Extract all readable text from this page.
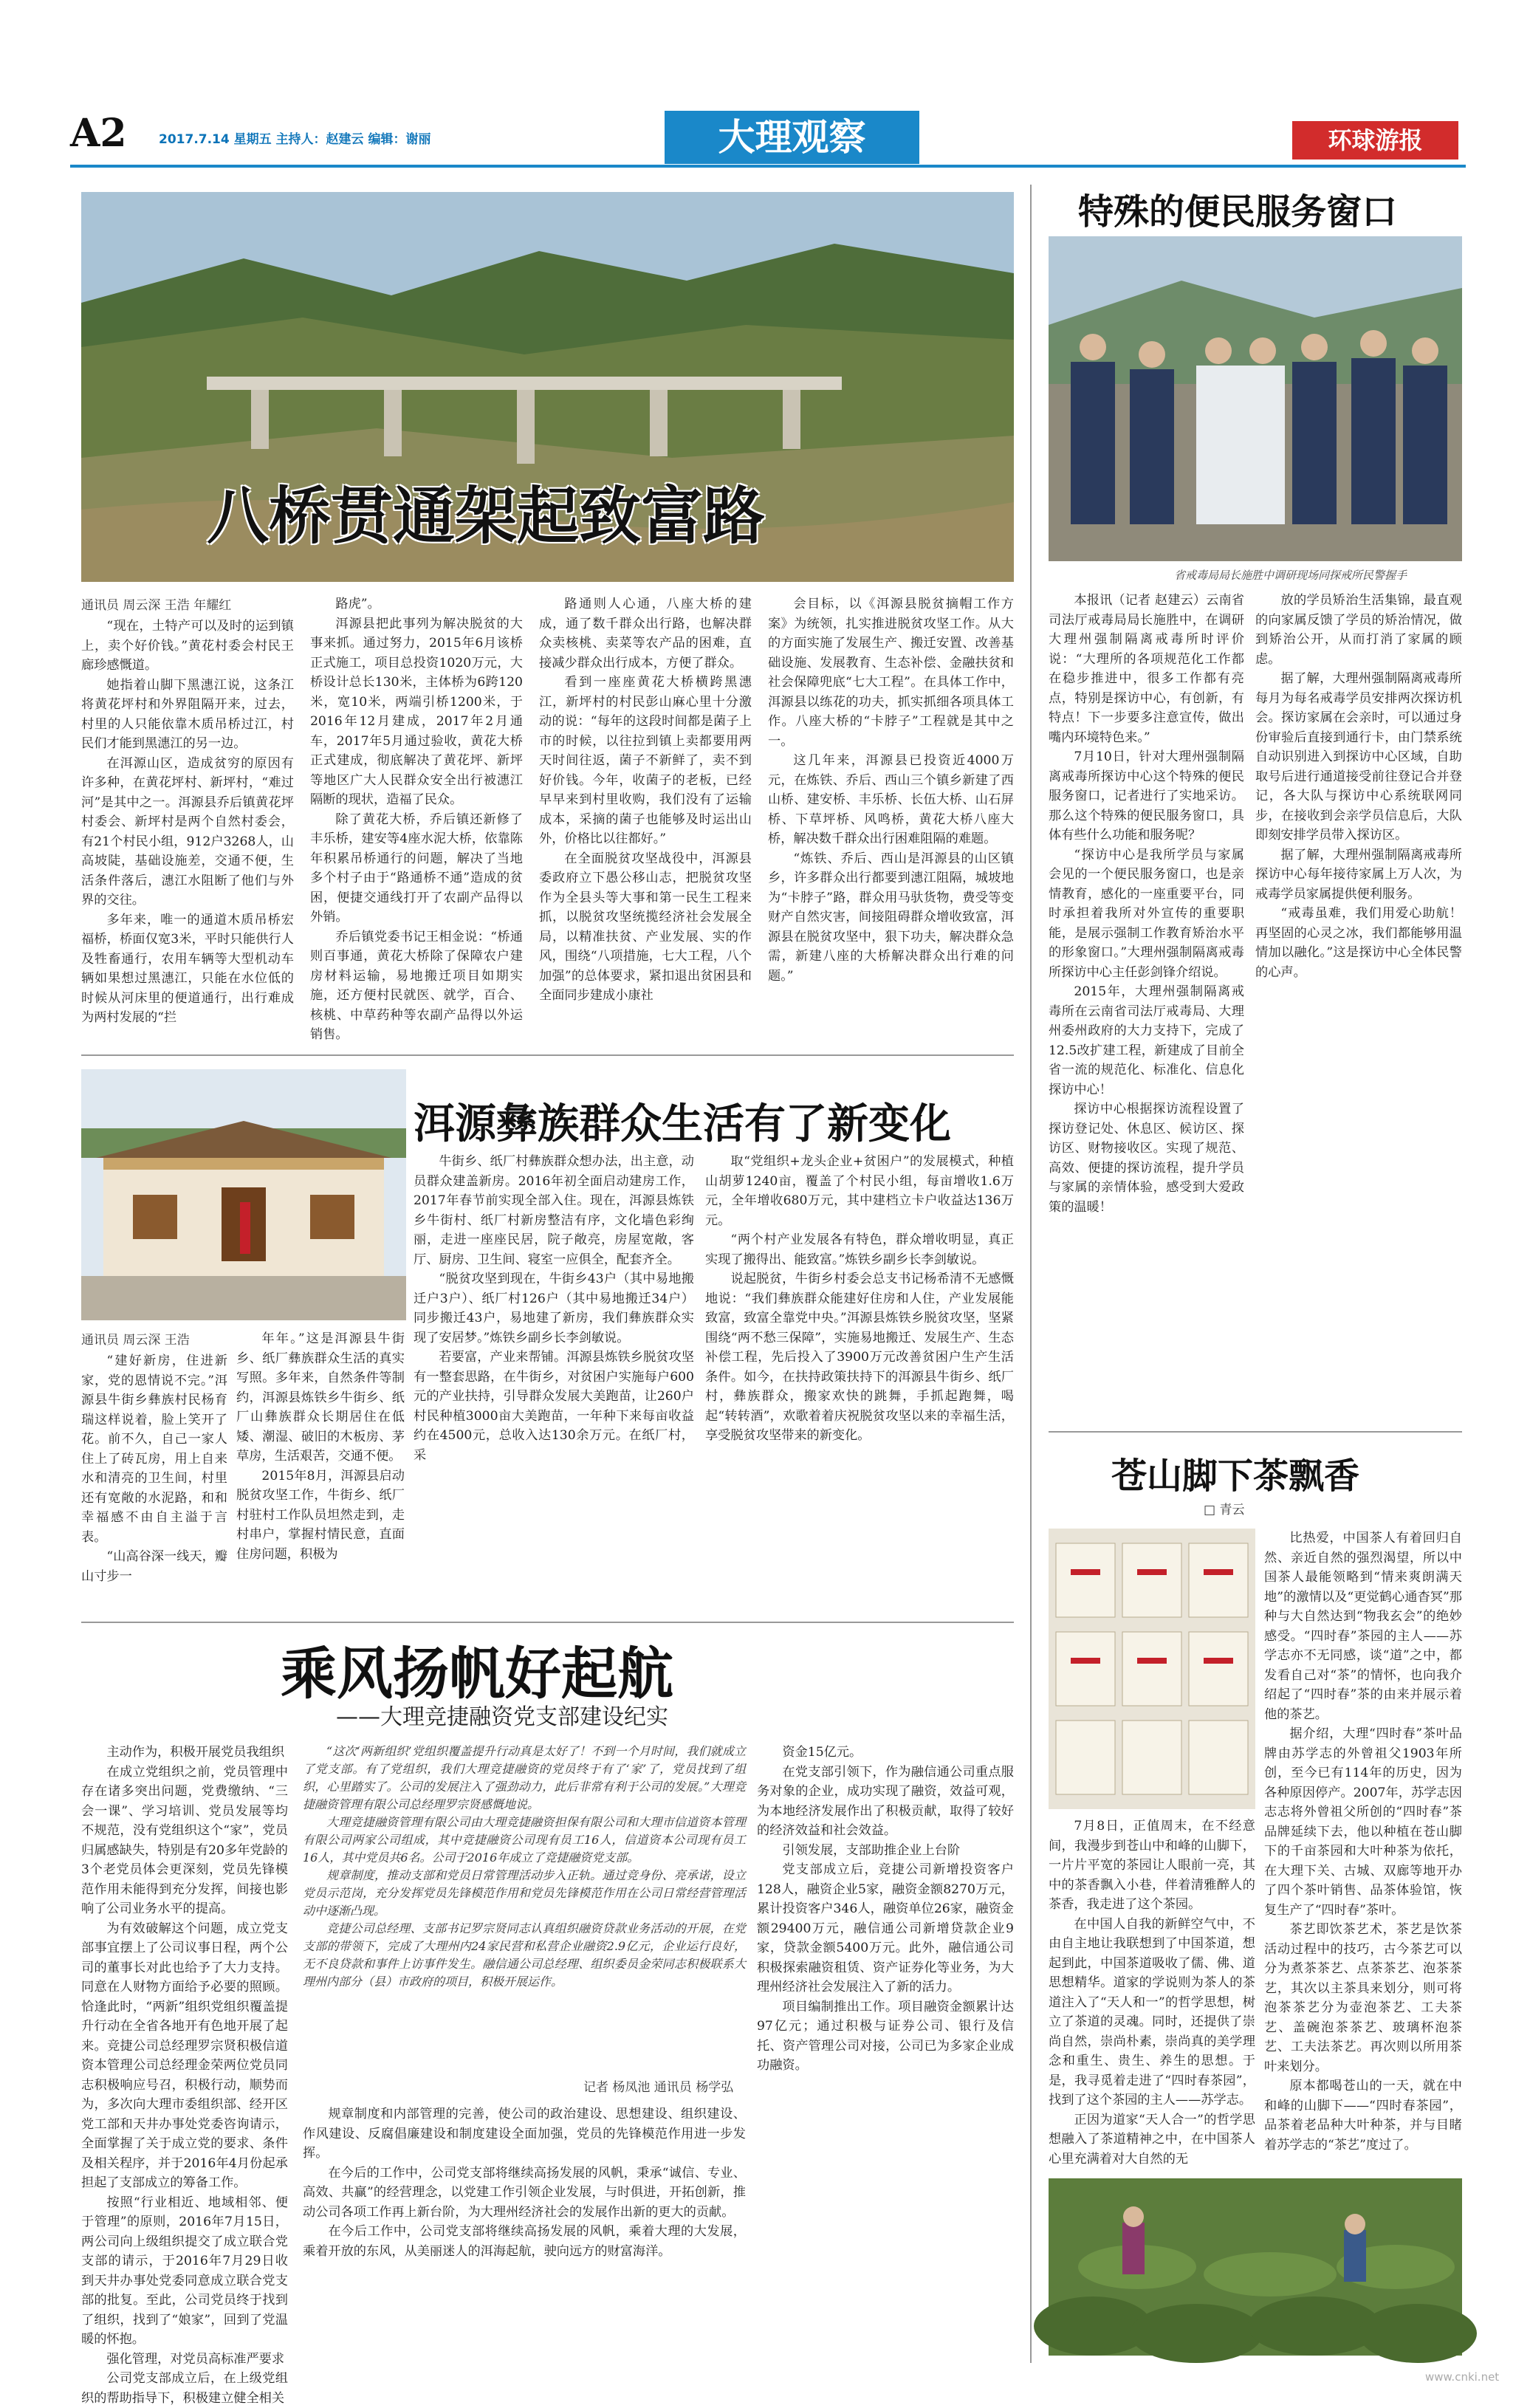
A2	2017.7.14 星期五 主持人：赵建云 编辑：谢丽	大理观察	环球游报
八桥贯通架起致富路
通讯员 周云深 王浩 年耀红

“现在，土特产可以及时的运到镇上，卖个好价钱。”黄花村委会村民王廊珍感慨道。

她指着山脚下黑潓江说，这条江将黄花坪村和外界阻隔开来，过去，村里的人只能依靠木质吊桥过江，村民们才能到黑潓江的另一边。

在洱源山区，造成贫穷的原因有许多种，在黄花坪村、新坪村，“难过河”是其中之一。洱源县乔后镇黄花坪村委会、新坪村是两个自然村委会，有21个村民小组，912户3268人，山高坡陡，基础设施差，交通不便，生活条件落后，潓江水阻断了他们与外界的交往。

多年来，唯一的通道木质吊桥宏福桥，桥面仅宽3米，平时只能供行人及牲畜通行，农用车辆等大型机动车辆如果想过黑潓江，只能在水位低的时候从河床里的便道通行，出行难成为两村发展的“拦

路虎”。

洱源县把此事列为解决脱贫的大事来抓。通过努力，2015年6月该桥正式施工，项目总投资1020万元，大桥设计总长130米，主体桥为6跨120米，宽10米，两端引桥1200米，于2016年12月建成，2017年2月通车，2017年5月通过验收，黄花大桥正式建成，彻底解决了黄花坪、新坪等地区广大人民群众安全出行被潓江隔断的现状，造福了民众。

除了黄花大桥，乔后镇还新修了丰乐桥，建安等4座水泥大桥，依靠陈年积累吊桥通行的问题，解决了当地多个村子由于“路通桥不通”造成的贫困，便捷交通线打开了农副产品得以外销。

乔后镇党委书记王相金说：“桥通则百事通，黄花大桥除了保障农户建房材料运输，易地搬迁项目如期实施，还方便村民就医、就学，百合、核桃、中草药种等农副产品得以外运销售。

路通则人心通，八座大桥的建成，通了数千群众出行路，也解决群众卖核桃、卖菜等农产品的困难，直接减少群众出行成本，方便了群众。

看到一座座黄花大桥横跨黑潓江，新坪村的村民彭山麻心里十分激动的说：“每年的这段时间都是菌子上市的时候，以往拉到镇上卖都要用两天时间往返，菌子不新鲜了，卖不到好价钱。今年，收菌子的老板，已经早早来到村里收购，我们没有了运输成本，采摘的菌子也能够及时运出山外，价格比以往都好。”

在全面脱贫攻坚战役中，洱源县委政府立下愚公移山志，把脱贫攻坚作为全县头等大事和第一民生工程来抓，以脱贫攻坚统揽经济社会发展全局，以精准扶贫、产业发展、实的作风，围绕“八项措施，七大工程，八个加强”的总体要求，紧扣退出贫困县和全面同步建成小康社

会目标，以《洱源县脱贫摘帽工作方案》为统领，扎实推进脱贫攻坚工作。从大的方面实施了发展生产、搬迁安置、改善基础设施、发展教育、生态补偿、金融扶贫和社会保障兜底“七大工程”。在具体工作中，洱源县以练花的功夫，抓实抓细各项具体工作。八座大桥的“卡脖子”工程就是其中之一。

这几年来，洱源县已投资近4000万元，在炼铁、乔后、西山三个镇乡新建了西山桥、建安桥、丰乐桥、长伍大桥、山石屏桥、下草坪桥、风鸣桥，黄花大桥八座大桥，解决数千群众出行困难阻隔的难题。

“炼铁、乔后、西山是洱源县的山区镇乡，许多群众出行都要到潓江阻隔，城坡地为“卡脖子”路，群众用马驮货物，费受等变财产自然灾害，间接阻碍群众增收致富，洱源县在脱贫攻坚中，狠下功夫，解决群众急需，新建八座的大桥解决群众出行难的问题。”

洱源彝族群众生活有了新变化
通讯员 周云深 王浩

“建好新房，住进新家，党的恩情说不完。”洱源县牛街乡彝族村民杨育瑞这样说着，脸上笑开了花。前不久，自己一家人住上了砖瓦房，用上自来水和清亮的卫生间，村里还有宽敞的水泥路，和和幸福感不由自主溢于言表。

“山高谷深一线天，瓣山寸步一

年年。”这是洱源县牛街乡、纸厂彝族群众生活的真实写照。多年来，自然条件等制约，洱源县炼铁乡牛街乡、纸厂山彝族群众长期居住在低矮、潮湿、破旧的木板房、茅草房，生活艰苦，交通不便。

2015年8月，洱源县启动脱贫攻坚工作，牛街乡、纸厂村驻村工作队员坦然走到，走村串户，掌握村情民意，直面住房问题，积极为

牛街乡、纸厂村彝族群众想办法，出主意，动员群众建盖新房。2016年初全面启动建房工作，2017年春节前实现全部入住。现在，洱源县炼铁乡牛街村、纸厂村新房整洁有序，文化墙色彩绚丽，走进一座座民居，院子敞亮，房屋宽敞，客厅、厨房、卫生间、寝室一应俱全，配套齐全。

“脱贫攻坚到现在，牛街乡43户（其中易地搬迁户3户）、纸厂村126户（其中易地搬迁34户）同步搬迁43户，易地建了新房，我们彝族群众实现了安居梦。”炼铁乡副乡长李剑敏说。

若要富，产业来帮铺。洱源县炼铁乡脱贫攻坚有一整套思路，在牛街乡，对贫困户实施每户600元的产业扶持，引导群众发展大美跑苗，让260户村民种植3000亩大美跑苗，一年种下来每亩收益约在4500元，总收入达130余万元。在纸厂村，采

取“党组织+龙头企业+贫困户”的发展模式，种植山胡萝1240亩，覆盖了个村民小组，每亩增收1.6万元，全年增收680万元，其中建档立卡户收益达136万元。

“两个村产业发展各有特色，群众增收明显，真正实现了搬得出、能致富。”炼铁乡副乡长李剑敏说。

说起脱贫，牛街乡村委会总支书记杨希清不无感慨地说：“我们彝族群众能建好住房和人住，产业发展能致富，致富全靠党中央。”洱源县炼铁乡脱贫攻坚，坚紧围绕“两不愁三保障”，实施易地搬迁、发展生产、生态补偿工程，先后投入了3900万元改善贫困户生产生活条件。如今，在扶持政策扶持下的洱源县牛街乡、纸厂村，彝族群众，搬家欢快的跳舞，手抓起跑舞，喝起“转转酒”，欢歌着着庆祝脱贫攻坚以来的幸福生活，享受脱贫攻坚带来的新变化。

乘风扬帆好起航
——大理竞捷融资党支部建设纪实

主动作为，积极开展党员我组织

在成立党组织之前，党员管理中存在诸多突出问题，党费缴纳、“三会一课”、学习培训、党员发展等均不规范，没有党组织这个“家”，党员归属感缺失，特别是有20多年党龄的3个老党员体会更深刻，党员先锋模范作用未能得到充分发挥，间接也影响了公司业务水平的提高。

为有效破解这个问题，成立党支部事宜摆上了公司议事日程，两个公司的董事长对此也给予了大力支持。同意在人财物方面给予必要的照顾。恰逢此时，“两新”组织党组织覆盖提升行动在全省各地开有色地开展了起来。竞捷公司总经理罗宗贤积极信道资本管理公司总经理金荣两位党员同志积极响应号召，积极行动，顺势而为，多次向大理市委组织部、经开区党工部和天井办事处党委咨询请示，全面掌握了关于成立党的要求、条件及相关程序，并于2016年4月份起承担起了支部成立的筹备工作。

按照“行业相近、地域相邻、便于管理”的原则，2016年7月15日，两公司向上级组织提交了成立联合党支部的请示，于2016年7月29日收到天井办事处党委同意成立联合党支部的批复。至此，公司党员终于找到了组织，找到了“娘家”，回到了党温暖的怀抱。

强化管理，对党员高标准严要求

公司党支部成立后，在上级党组织的帮助指导下，积极建立健全相关

“这次‘两新组织’党组织覆盖提升行动真是太好了！不到一个月时间，我们就成立了党支部。有了党组织，我们大理竞捷融资的党员终于有了‘家’了，党员找到了组织，心里踏实了。公司的发展注入了强劲动力，此后非常有利于公司的发展。”大理竞捷融资管理有限公司总经理罗宗贤感慨地说。

大理竞捷融资管理有限公司由大理竞捷融资担保有限公司和大理市信道资本管理有限公司两家公司组成，其中竞捷融资公司现有员工16人，信道资本公司现有员工16人，其中党员共6名。公司于2016年成立了竞捷融资党支部。

规章制度，推动支部和党员日常管理活动步入正轨。通过竞身份、亮承诺，设立党员示范岗，充分发挥党员先锋模范作用和党员先锋模范作用在公司日常经营管理活动中逐渐凸现。

竞捷公司总经理、支部书记罗宗贤同志认真组织融资贷款业务活动的开展，在党支部的带领下，完成了大理州内24家民营和私营企业融资2.9亿元，企业运行良好，无不良贷款和事件上访事件发生。融信通公司总经理、组织委员金荣同志积极联系大理州内部分（县）市政府的项目，积极开展运作。

记者 杨凤池 通讯员 杨学弘

资金15亿元。

在党支部引领下，作为融信通公司重点服务对象的企业，成功实现了融资，效益可观，为本地经济发展作出了积极贡献，取得了较好的经济效益和社会效益。

引领发展，支部助推企业上台阶

党支部成立后，竞捷公司新增投资客户128人，融资企业5家，融资金额8270万元，累计投资客户346人，融资单位26家，融资金额29400万元，融信通公司新增贷款企业9家，贷款金额5400万元。此外，融信通公司积极探索融资租赁、资产证券化等业务，为大理州经济社会发展注入了新的活力。

项目编制推出工作。项目融资金额累计达97亿元；通过积极与证券公司、银行及信托、资产管理公司对接，公司已为多家企业成功融资。

规章制度和内部管理的完善，使公司的政治建设、思想建设、组织建设、作风建设、反腐倡廉建设和制度建设全面加强，党员的先锋模范作用进一步发挥。

在今后的工作中，公司党支部将继续高扬发展的风帆，秉承“诚信、专业、高效、共赢”的经营理念，以党建工作引领企业发展，与时俱进，开拓创新，推动公司各项工作再上新台阶，为大理州经济社会的发展作出新的更大的贡献。

在今后工作中，公司党支部将继续高扬发展的风帆，乘着大理的大发展，乘着开放的东风，从美丽迷人的洱海起航，驶向远方的财富海洋。

特殊的便民服务窗口
省戒毒局局长施胜中调研现场同探戒所民警握手

本报讯（记者 赵建云）云南省司法厅戒毒局局长施胜中，在调研大理州强制隔离戒毒所时评价说：“大理所的各项规范化工作都在稳步推进中，很多工作都有亮点，特别是探访中心，有创新，有特点！下一步要多注意宣传，做出嘴内环境特色来。”

7月10日，针对大理州强制隔离戒毒所探访中心这个特殊的便民服务窗口，记者进行了实地采访。那么这个特殊的便民服务窗口，具体有些什么功能和服务呢？

“探访中心是我所学员与家属会见的一个便民服务窗口，也是亲情教育，感化的一座重要平台，同时承担着我所对外宣传的重要职能，是展示强制工作教育矫治水平的形象窗口。”大理州强制隔离戒毒所探访中心主任彭剑锋介绍说。

2015年，大理州强制隔离戒毒所在云南省司法厅戒毒局、大理州委州政府的大力支持下，完成了12.5改扩建工程，新建成了目前全省一流的规范化、标准化、信息化探访中心！

探访中心根据探访流程设置了探访登记处、休息区、候访区、探访区、财物接收区。实现了规范、高效、便捷的探访流程，提升学员与家属的亲情体验，感受到大爱政策的温暖！

放的学员矫治生活集锦，最直观的向家属反馈了学员的矫治情况，做到矫治公开，从而打消了家属的顾虑。

据了解，大理州强制隔离戒毒所每月为每名戒毒学员安排两次探访机会。探访家属在会亲时，可以通过身份审验后直接到通行卡，由门禁系统自动识别进入到探访中心区域，自助取号后进行通道接受前往登记合并登记，各大队与探访中心系统联网同步，在接收到会亲学员信息后，大队即刻安排学员带入探访区。

据了解，大理州强制隔离戒毒所探访中心每年接待家属上万人次，为戒毒学员家属提供便利服务。

“戒毒虽难，我们用爱心助航！再坚固的心灵之冰，我们都能够用温情加以融化。”这是探访中心全体民警的心声。

苍山脚下茶飘香
□ 青云

7月8日，正值周末，在不经意间，我漫步到苍山中和峰的山脚下，一片片平宽的茶园让人眼前一亮，其中的茶香飘入小巷，伴着清雅醉人的茶香，我走进了这个茶园。

在中国人自我的新鲜空气中，不由自主地让我联想到了中国茶道，想起到此，中国茶道吸收了儒、佛、道思想精华。道家的学说则为茶人的茶道注入了“天人和一”的哲学思想，树立了茶道的灵魂。同时，还提供了崇尚自然，崇尚朴素，崇尚真的美学理念和重生、贵生、养生的思想。于是，我寻觅着走进了“四时春茶园”，找到了这个茶园的主人——苏学志。

正因为道家“天人合一”的哲学思想融入了茶道精神之中，在中国茶人心里充满着对大自然的无

比热爱，中国茶人有着回归自然、亲近自然的强烈渴望，所以中国茶人最能领略到“情来爽朗满天地”的激情以及“更觉鹤心通杳冥”那种与大自然达到“物我玄会”的绝妙感受。“四时春”茶园的主人——苏学志亦不无同感，谈“道”之中，都发看自己对“茶”的情怀，也向我介绍起了“四时春”茶的由来并展示着他的茶艺。

据介绍，大理“四时春”茶叶品牌由苏学志的外曾祖父1903年所创，至今已有114年的历史，因为各种原因停产。2007年，苏学志因志志将外曾祖父所创的“四时春”茶品牌延续下去，他以种植在苍山脚下的千亩茶园和大叶种茶为依托，在大理下关、古城、双廊等地开办了四个茶叶销售、品茶体验馆，恢复生产了“四时春”茶叶。

茶艺即饮茶艺术，茶艺是饮茶活动过程中的技巧，古今茶艺可以分为煮茶茶艺、点茶茶艺、泡茶茶艺，其次以主茶具来划分，则可将泡茶茶艺分为壶泡茶艺、工夫茶艺、盖碗泡茶茶艺、玻璃杯泡茶艺、工夫法茶艺。再次则以所用茶叶来划分。

原本都喝苍山的一天，就在中和峰的山脚下——“四时春茶园”，品茶着老品种大叶种茶，并与目睹着苏学志的“茶艺”度过了。

www.cnki.net
